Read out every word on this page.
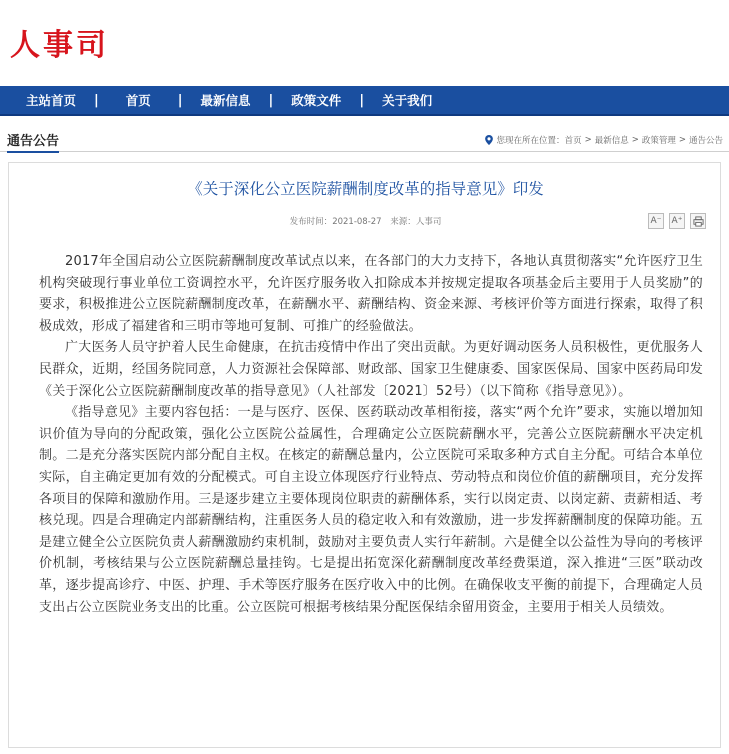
人事司
主站首页 | 首页 | 最新信息 | 政策文件 | 关于我们
通告公告	您现在所在位置： 首页 > 最新信息 > 政策管理 > 通告公告
《关于深化公立医院薪酬制度改革的指导意见》印发
发布时间：2021-08-27 来源：人事司	A⁻ A⁺

2017年全国启动公立医院薪酬制度改革试点以来，在各部门的大力支持下，各地认真贯彻落实“允许医疗卫生机构突破现行事业单位工资调控水平，允许医疗服务收入扣除成本并按规定提取各项基金后主要用于人员奖励”的要求，积极推进公立医院薪酬制度改革，在薪酬水平、薪酬结构、资金来源、考核评价等方面进行探索，取得了积极成效，形成了福建省和三明市等地可复制、可推广的经验做法。

广大医务人员守护着人民生命健康，在抗击疫情中作出了突出贡献。为更好调动医务人员积极性，更优服务人民群众，近期，经国务院同意，人力资源社会保障部、财政部、国家卫生健康委、国家医保局、国家中医药局印发《关于深化公立医院薪酬制度改革的指导意见》（人社部发〔2021〕52号）（以下简称《指导意见》）。

《指导意见》主要内容包括：一是与医疗、医保、医药联动改革相衔接，落实“两个允许”要求，实施以增加知识价值为导向的分配政策，强化公立医院公益属性，合理确定公立医院薪酬水平，完善公立医院薪酬水平决定机制。二是充分落实医院内部分配自主权。在核定的薪酬总量内，公立医院可采取多种方式自主分配。可结合本单位实际，自主确定更加有效的分配模式。可自主设立体现医疗行业特点、劳动特点和岗位价值的薪酬项目，充分发挥各项目的保障和激励作用。三是逐步建立主要体现岗位职责的薪酬体系，实行以岗定责、以岗定薪、责薪相适、考核兑现。四是合理确定内部薪酬结构，注重医务人员的稳定收入和有效激励，进一步发挥薪酬制度的保障功能。五是建立健全公立医院负责人薪酬激励约束机制，鼓励对主要负责人实行年薪制。六是健全以公益性为导向的考核评价机制，考核结果与公立医院薪酬总量挂钩。七是提出拓宽深化薪酬制度改革经费渠道，深入推进“三医”联动改革，逐步提高诊疗、中医、护理、手术等医疗服务在医疗收入中的比例。在确保收支平衡的前提下，合理确定人员支出占公立医院业务支出的比重。公立医院可根据考核结果分配医保结余留用资金，主要用于相关人员绩效。
